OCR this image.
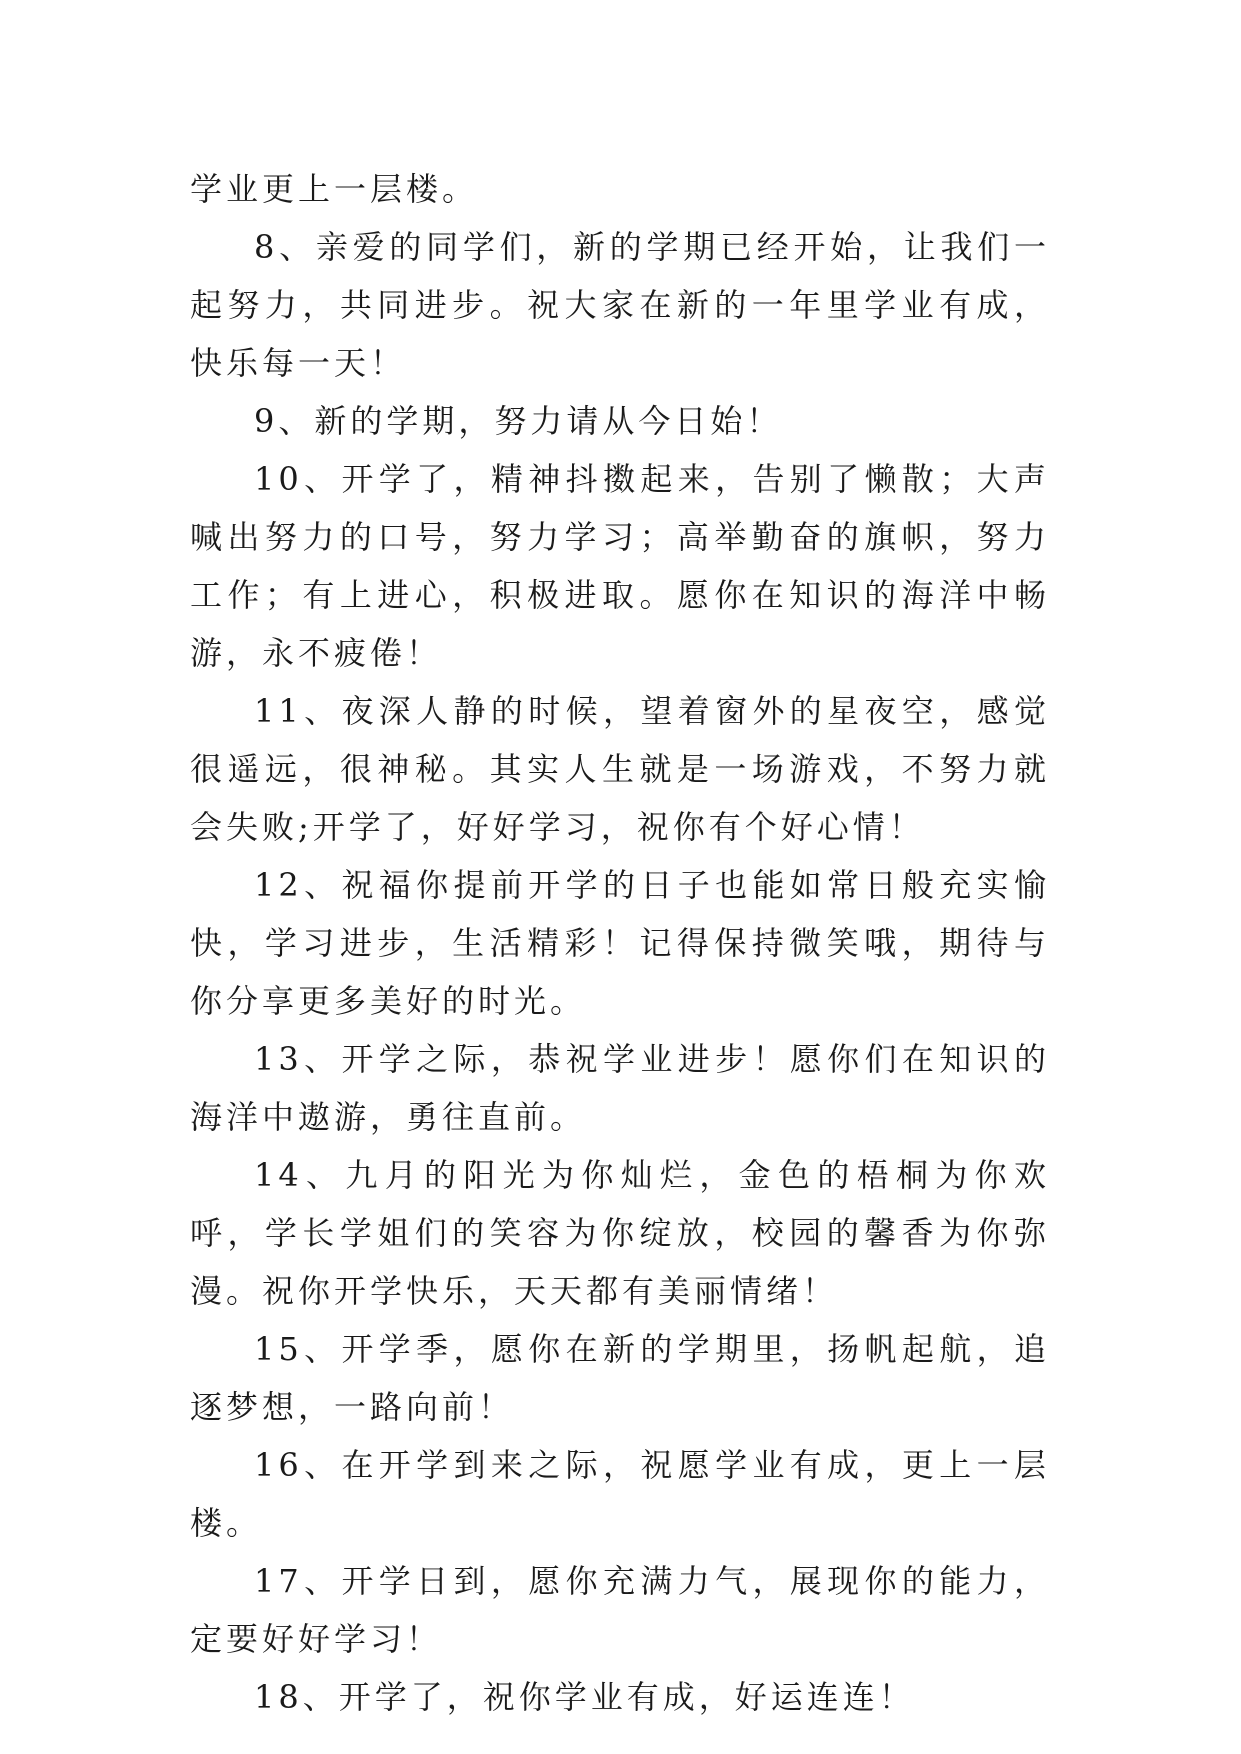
学业更上一层楼。

8、亲爱的同学们，新的学期已经开始，让我们一起努力，共同进步。祝大家在新的一年里学业有成，快乐每一天！

9、新的学期，努力请从今日始！

10、开学了，精神抖擞起来，告别了懒散；大声喊出努力的口号，努力学习；高举勤奋的旗帜，努力工作；有上进心，积极进取。愿你在知识的海洋中畅游，永不疲倦！

11、夜深人静的时候，望着窗外的星夜空，感觉很遥远，很神秘。其实人生就是一场游戏，不努力就会失败;开学了，好好学习，祝你有个好心情！

12、祝福你提前开学的日子也能如常日般充实愉快，学习进步，生活精彩！记得保持微笑哦，期待与你分享更多美好的时光。

13、开学之际，恭祝学业进步！愿你们在知识的海洋中遨游，勇往直前。

14、九月的阳光为你灿烂，金色的梧桐为你欢呼，学长学姐们的笑容为你绽放，校园的馨香为你弥漫。祝你开学快乐，天天都有美丽情绪！

15、开学季，愿你在新的学期里，扬帆起航，追逐梦想，一路向前！

16、在开学到来之际，祝愿学业有成，更上一层楼。

17、开学日到，愿你充满力气，展现你的能力，定要好好学习！

18、开学了，祝你学业有成，好运连连！
